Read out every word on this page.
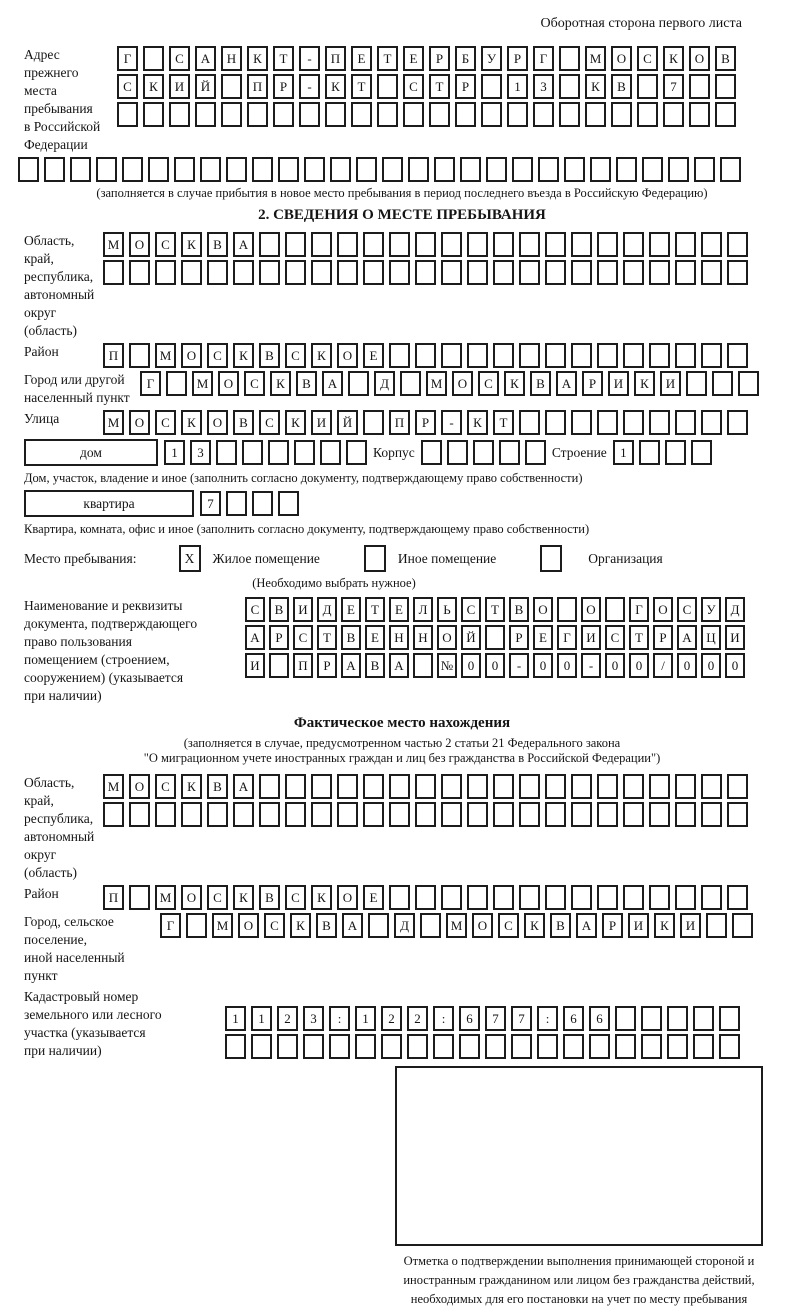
Оборотная сторона первого листа
Адрес прежнего
места пребывания
в Российской
Федерации
Г	С	А	Н	К	Т	-	П	Е	Т	Е	Р	Б	У	Р	Г	М	О	С	К	О	В
С	К	И	Й	П	Р	-	К	Т	С	Т	Р	1	3	К	В	7
(заполняется в случае прибытия в новое место пребывания в период последнего въезда в Российскую Федерацию)
2. СВЕДЕНИЯ О МЕСТЕ ПРЕБЫВАНИЯ
Область, край,
республика,
автономный
округ (область)
М	О	С	К	В	А
Район	П	М	О	С	К	В	С	К	О	Е
Город или другой
населенный пункт
Г	М	О	С	К	В	А	Д	М	О	С	К	В	А	Р	И	К	И
Улица	М	О	С	К	О	В	С	К	И	Й	П	Р	-	К	Т
дом	1	3	Корпус	Строение	1
Дом, участок, владение и иное (заполнить согласно документу, подтверждающему право собственности)
квартира	7
Квартира, комната, офис и иное (заполнить согласно документу, подтверждающему право собственности)
Место пребывания:	X	Жилое помещение	Иное помещение	Организация
(Необходимо выбрать нужное)
Наименование и реквизиты
документа, подтверждающего
право пользования
помещением (строением,
сооружением) (указывается
при наличии)
С	В	И	Д	Е	Т	Е	Л	Ь	С	Т	В	О	О	Г	О	С	У	Д
А	Р	С	Т	В	Е	Н	Н	О	Й	Р	Е	Г	И	С	Т	Р	А	Ц	И
И	П	Р	А	В	А	№	0	0	-	0	0	-	0	0	/	0	0	0
Фактическое место нахождения
(заполняется в случае, предусмотренном частью 2 статьи 21 Федерального закона
"О миграционном учете иностранных граждан и лиц без гражданства в Российской Федерации")
Область, край,
республика,
автономный округ
(область)
М	О	С	К	В	А
Район	П	М	О	С	К	В	С	К	О	Е
Город, сельское поселение,
иной населенный пункт
Г	М	О	С	К	В	А	Д	М	О	С	К	В	А	Р	И	К	И
Кадастровый номер
земельного или лесного
участка (указывается
при наличии)
1	1	2	3	:	1	2	2	:	6	7	7	:	6	6
Отметка о подтверждении выполнения принимающей стороной и иностранным гражданином или лицом без гражданства действий, необходимых для его постановки на учет по месту пребывания
